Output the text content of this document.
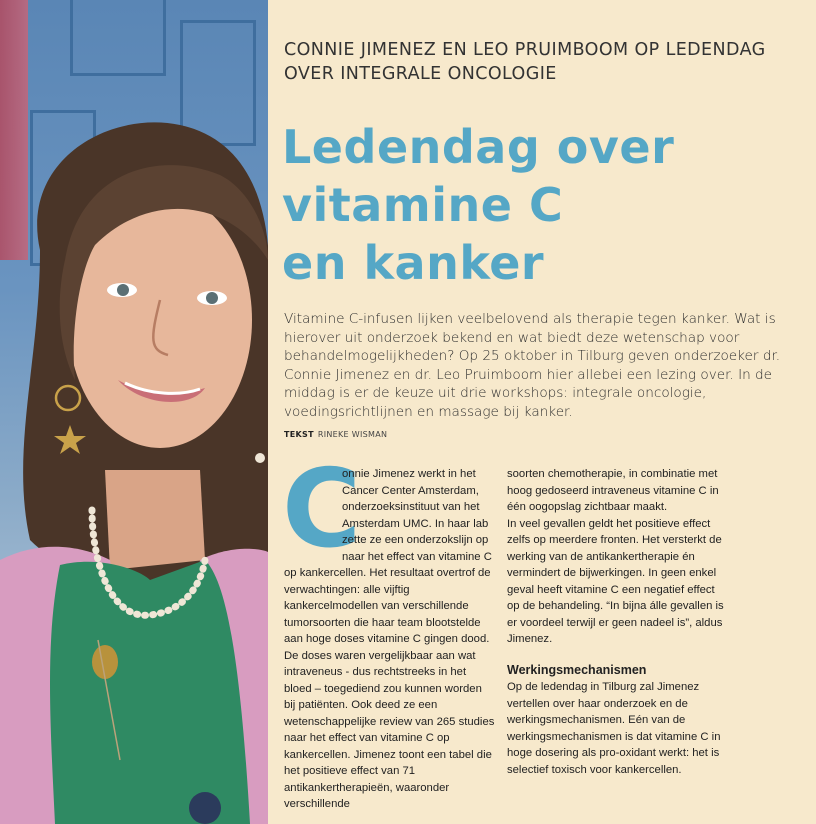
CONNIE JIMENEZ EN LEO PRUIMBOOM OP LEDENDAG OVER INTEGRALE ONCOLOGIE
Ledendag over
vitamine C
en kanker

Vitamine C-infusen lijken veelbelovend als therapie tegen kanker. Wat is hierover uit onderzoek bekend en wat biedt deze wetenschap voor behandelmogelijkheden? Op 25 oktober in Tilburg geven onderzoeker dr. Connie Jimenez en dr. Leo Pruimboom hier allebei een lezing over. In de middag is er de keuze uit drie workshops: integrale oncologie, voedingsrichtlijnen en massage bij kanker.

TEKST RINEKE WISMAN

C
onnie Jimenez werkt in het Cancer Center Amsterdam, onderzoeksinstituut van het Amsterdam UMC. In haar lab zette ze een onderzokslijn op naar het effect van vitamine C op kankercellen. Het resultaat overtrof de verwachtingen: alle vijftig kankercelmodellen van verschillende tumorsoorten die haar team blootstelde aan hoge doses vitamine C gingen dood. De doses waren vergelijkbaar aan wat intraveneus - dus rechtstreeks in het bloed – toegediend zou kunnen worden bij patiënten. Ook deed ze een wetenschappelijke review van 265 studies naar het effect van vitamine C op kankercellen. Jimenez toont een tabel die het positieve effect van 71 antikankertherapieën, waaronder verschillende
soorten chemotherapie, in combinatie met hoog gedoseerd intraveneus vitamine C in één oogopslag zichtbaar maakt.
In veel gevallen geldt het positieve effect zelfs op meerdere fronten. Het versterkt de werking van de antikankertherapie én vermindert de bijwerkingen. In geen enkel geval heeft vitamine C een negatief effect op de behandeling. “In bijna álle gevallen is er voordeel terwijl er geen nadeel is”, aldus Jimenez.
Werkingsmechanismen
Op de ledendag in Tilburg zal Jimenez vertellen over haar onderzoek en de werkingsmechanismen. Eén van de werkingsmechanismen is dat vitamine C in hoge dosering als pro-oxidant werkt: het is selectief toxisch voor kankercellen.
